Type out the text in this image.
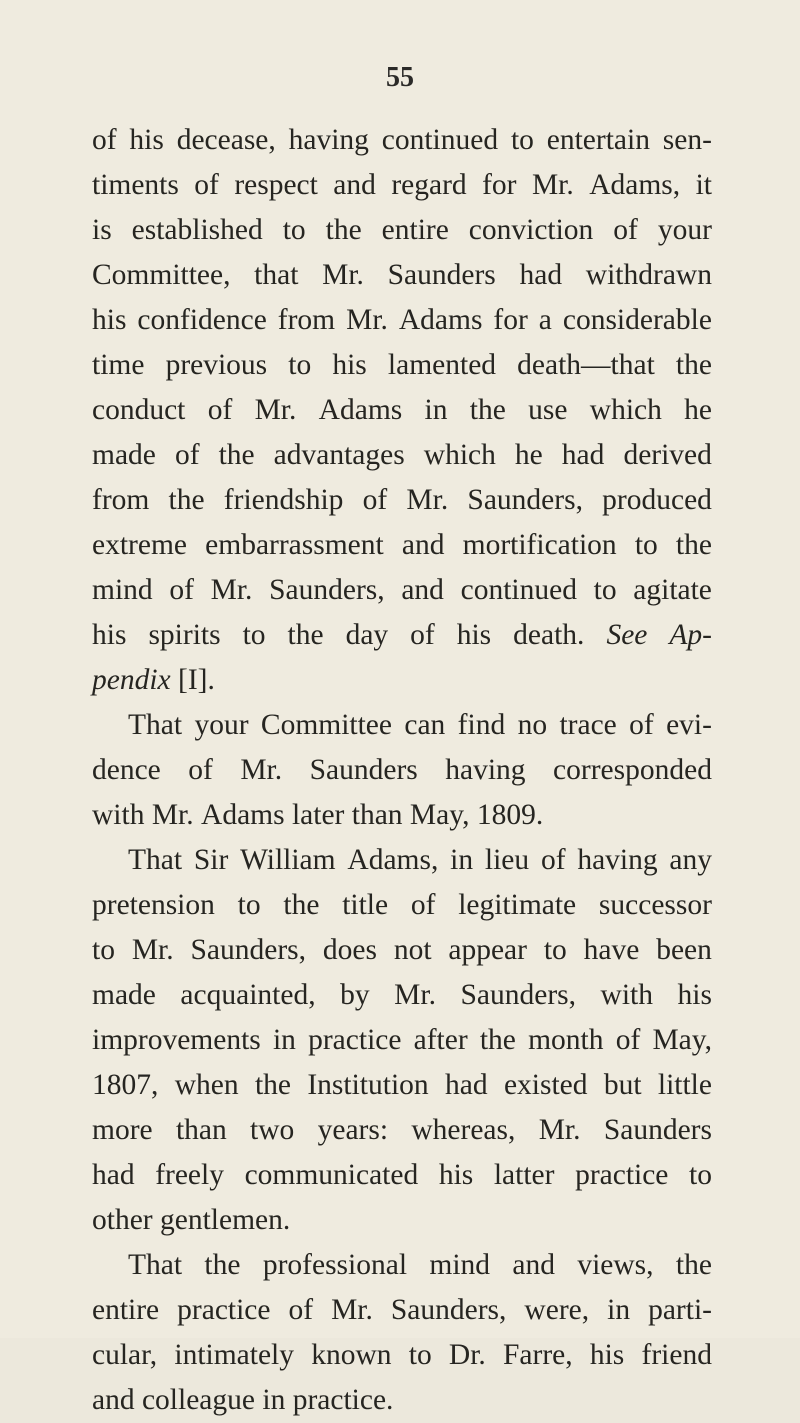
55
of his decease, having continued to entertain sen-
timents of respect and regard for Mr. Adams, it
is established to the entire conviction of your
Committee, that Mr. Saunders had withdrawn
his confidence from Mr. Adams for a considerable
time previous to his lamented death—that the
conduct of Mr. Adams in the use which he
made of the advantages which he had derived
from the friendship of Mr. Saunders, produced
extreme embarrassment and mortification to the
mind of Mr. Saunders, and continued to agitate
his spirits to the day of his death. See Ap-
pendix [I].
That your Committee can find no trace of evi-
dence of Mr. Saunders having corresponded
with Mr. Adams later than May, 1809.
That Sir William Adams, in lieu of having any
pretension to the title of legitimate successor
to Mr. Saunders, does not appear to have been
made acquainted, by Mr. Saunders, with his
improvements in practice after the month of May,
1807, when the Institution had existed but little
more than two years: whereas, Mr. Saunders
had freely communicated his latter practice to
other gentlemen.
That the professional mind and views, the
entire practice of Mr. Saunders, were, in parti-
cular, intimately known to Dr. Farre, his friend
and colleague in practice.
